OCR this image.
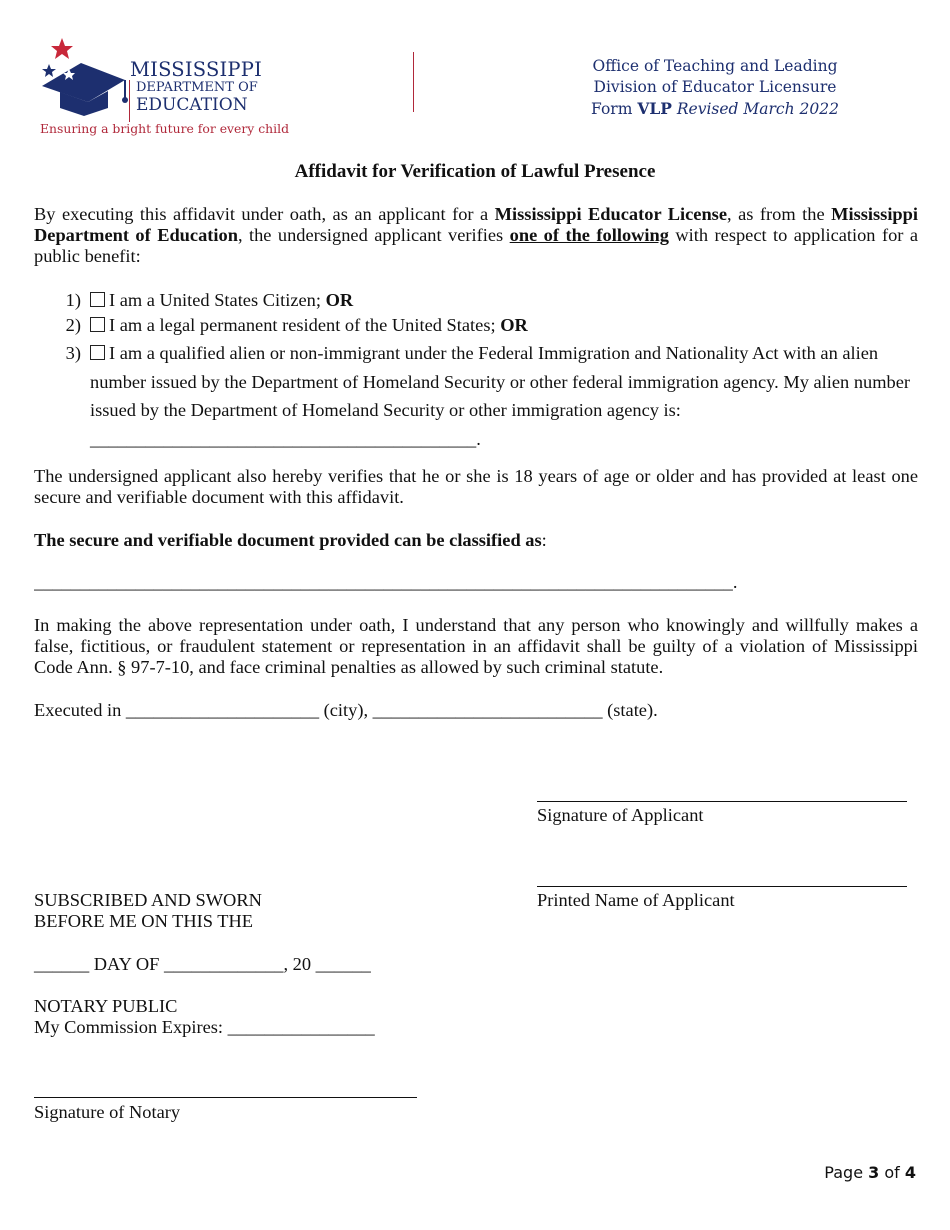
MISSISSIPPI
DEPARTMENT OF
EDUCATION
Ensuring a bright future for every child
Office of Teaching and Leading
Division of Educator Licensure
Form VLP Revised March 2022
Affidavit for Verification of Lawful Presence
By executing this affidavit under oath, as an applicant for a Mississippi Educator License, as from the Mississippi Department of Education, the undersigned applicant verifies one of the following with respect to application for a public benefit:
1)	I am a United States Citizen; OR
2)	I am a legal permanent resident of the United States; OR
3)	I am a qualified alien or non-immigrant under the Federal Immigration and Nationality Act with an alien number issued by the Department of Homeland Security or other federal immigration agency. My alien number issued by the Department of Homeland Security or other immigration agency is: __________________________________________.
The undersigned applicant also hereby verifies that he or she is 18 years of age or older and has provided at least one secure and verifiable document with this affidavit.
The secure and verifiable document provided can be classified as:
____________________________________________________________________________.
In making the above representation under oath, I understand that any person who knowingly and willfully makes a false, fictitious, or fraudulent statement or representation in an affidavit shall be guilty of a violation of Mississippi Code Ann. § 97-7-10, and face criminal penalties as allowed by such criminal statute.
Executed in _____________________ (city), _________________________ (state).
Signature of Applicant
Printed Name of Applicant
SUBSCRIBED AND SWORN
BEFORE ME ON THIS THE
______ DAY OF _____________, 20 ______
NOTARY PUBLIC
My Commission Expires: ________________
Signature of Notary
Page 3 of 4
